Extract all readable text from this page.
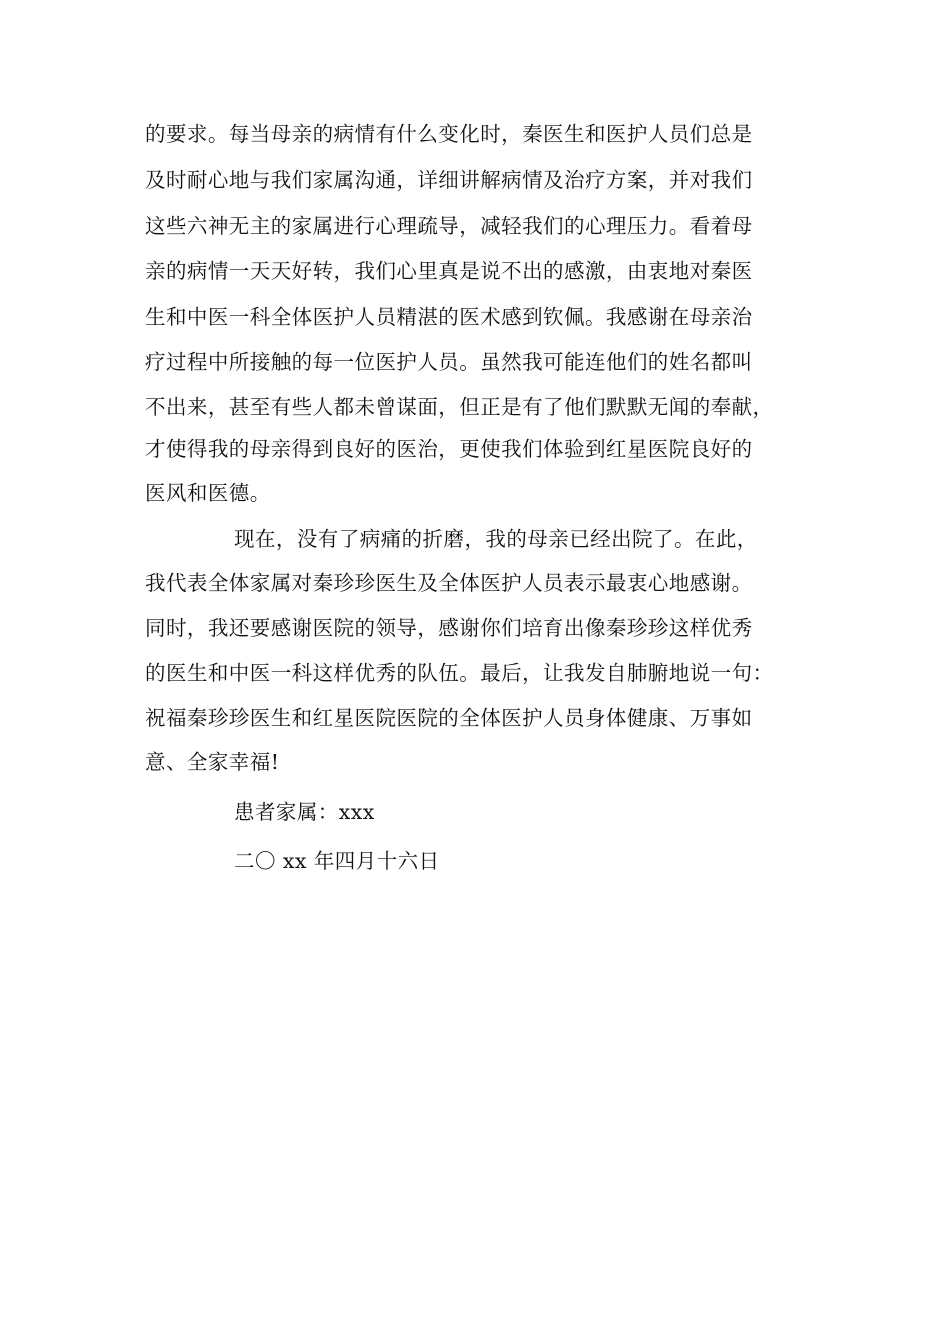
的要求。每当母亲的病情有什么变化时，秦医生和医护人员们总是
及时耐心地与我们家属沟通，详细讲解病情及治疗方案，并对我们
这些六神无主的家属进行心理疏导，减轻我们的心理压力。看着母
亲的病情一天天好转，我们心里真是说不出的感激，由衷地对秦医
生和中医一科全体医护人员精湛的医术感到钦佩。我感谢在母亲治
疗过程中所接触的每一位医护人员。虽然我可能连他们的姓名都叫
不出来，甚至有些人都未曾谋面，但正是有了他们默默无闻的奉献，
才使得我的母亲得到良好的医治，更使我们体验到红星医院良好的
医风和医德。
现在，没有了病痛的折磨，我的母亲已经出院了。在此，
我代表全体家属对秦珍珍医生及全体医护人员表示最衷心地感谢。
同时，我还要感谢医院的领导，感谢你们培育出像秦珍珍这样优秀
的医生和中医一科这样优秀的队伍。最后，让我发自肺腑地说一句：
祝福秦珍珍医生和红星医院医院的全体医护人员身体健康、万事如
意、全家幸福!
患者家属：xxx
二〇 xx 年四月十六日
